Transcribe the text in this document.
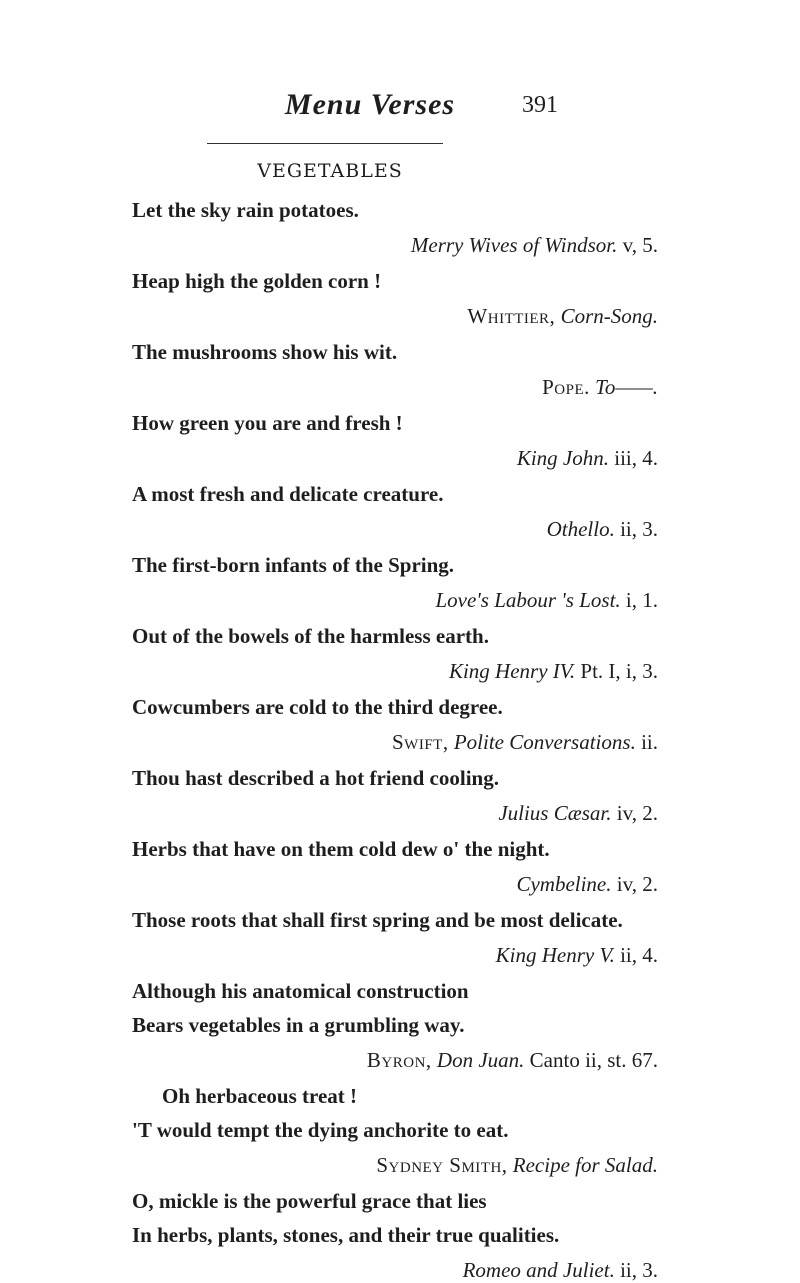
Menu Verses	391
VEGETABLES
Let the sky rain potatoes.
Merry Wives of Windsor. v, 5.
Heap high the golden corn !
Whittier, Corn-Song.
The mushrooms show his wit.
Pope. To——.
How green you are and fresh !
King John. iii, 4.
A most fresh and delicate creature.
Othello. ii, 3.
The first-born infants of the Spring.
Love's Labour 's Lost. i, 1.
Out of the bowels of the harmless earth.
King Henry IV. Pt. I, i, 3.
Cowcumbers are cold to the third degree.
Swift, Polite Conversations. ii.
Thou hast described a hot friend cooling.
Julius Cæsar. iv, 2.
Herbs that have on them cold dew o' the night.
Cymbeline. iv, 2.
Those roots that shall first spring and be most delicate.
King Henry V. ii, 4.
Although his anatomical construction
Bears vegetables in a grumbling way.
Byron, Don Juan. Canto ii, st. 67.
Oh herbaceous treat !
'T would tempt the dying anchorite to eat.
Sydney Smith, Recipe for Salad.
O, mickle is the powerful grace that lies
In herbs, plants, stones, and their true qualities.
Romeo and Juliet. ii, 3.
